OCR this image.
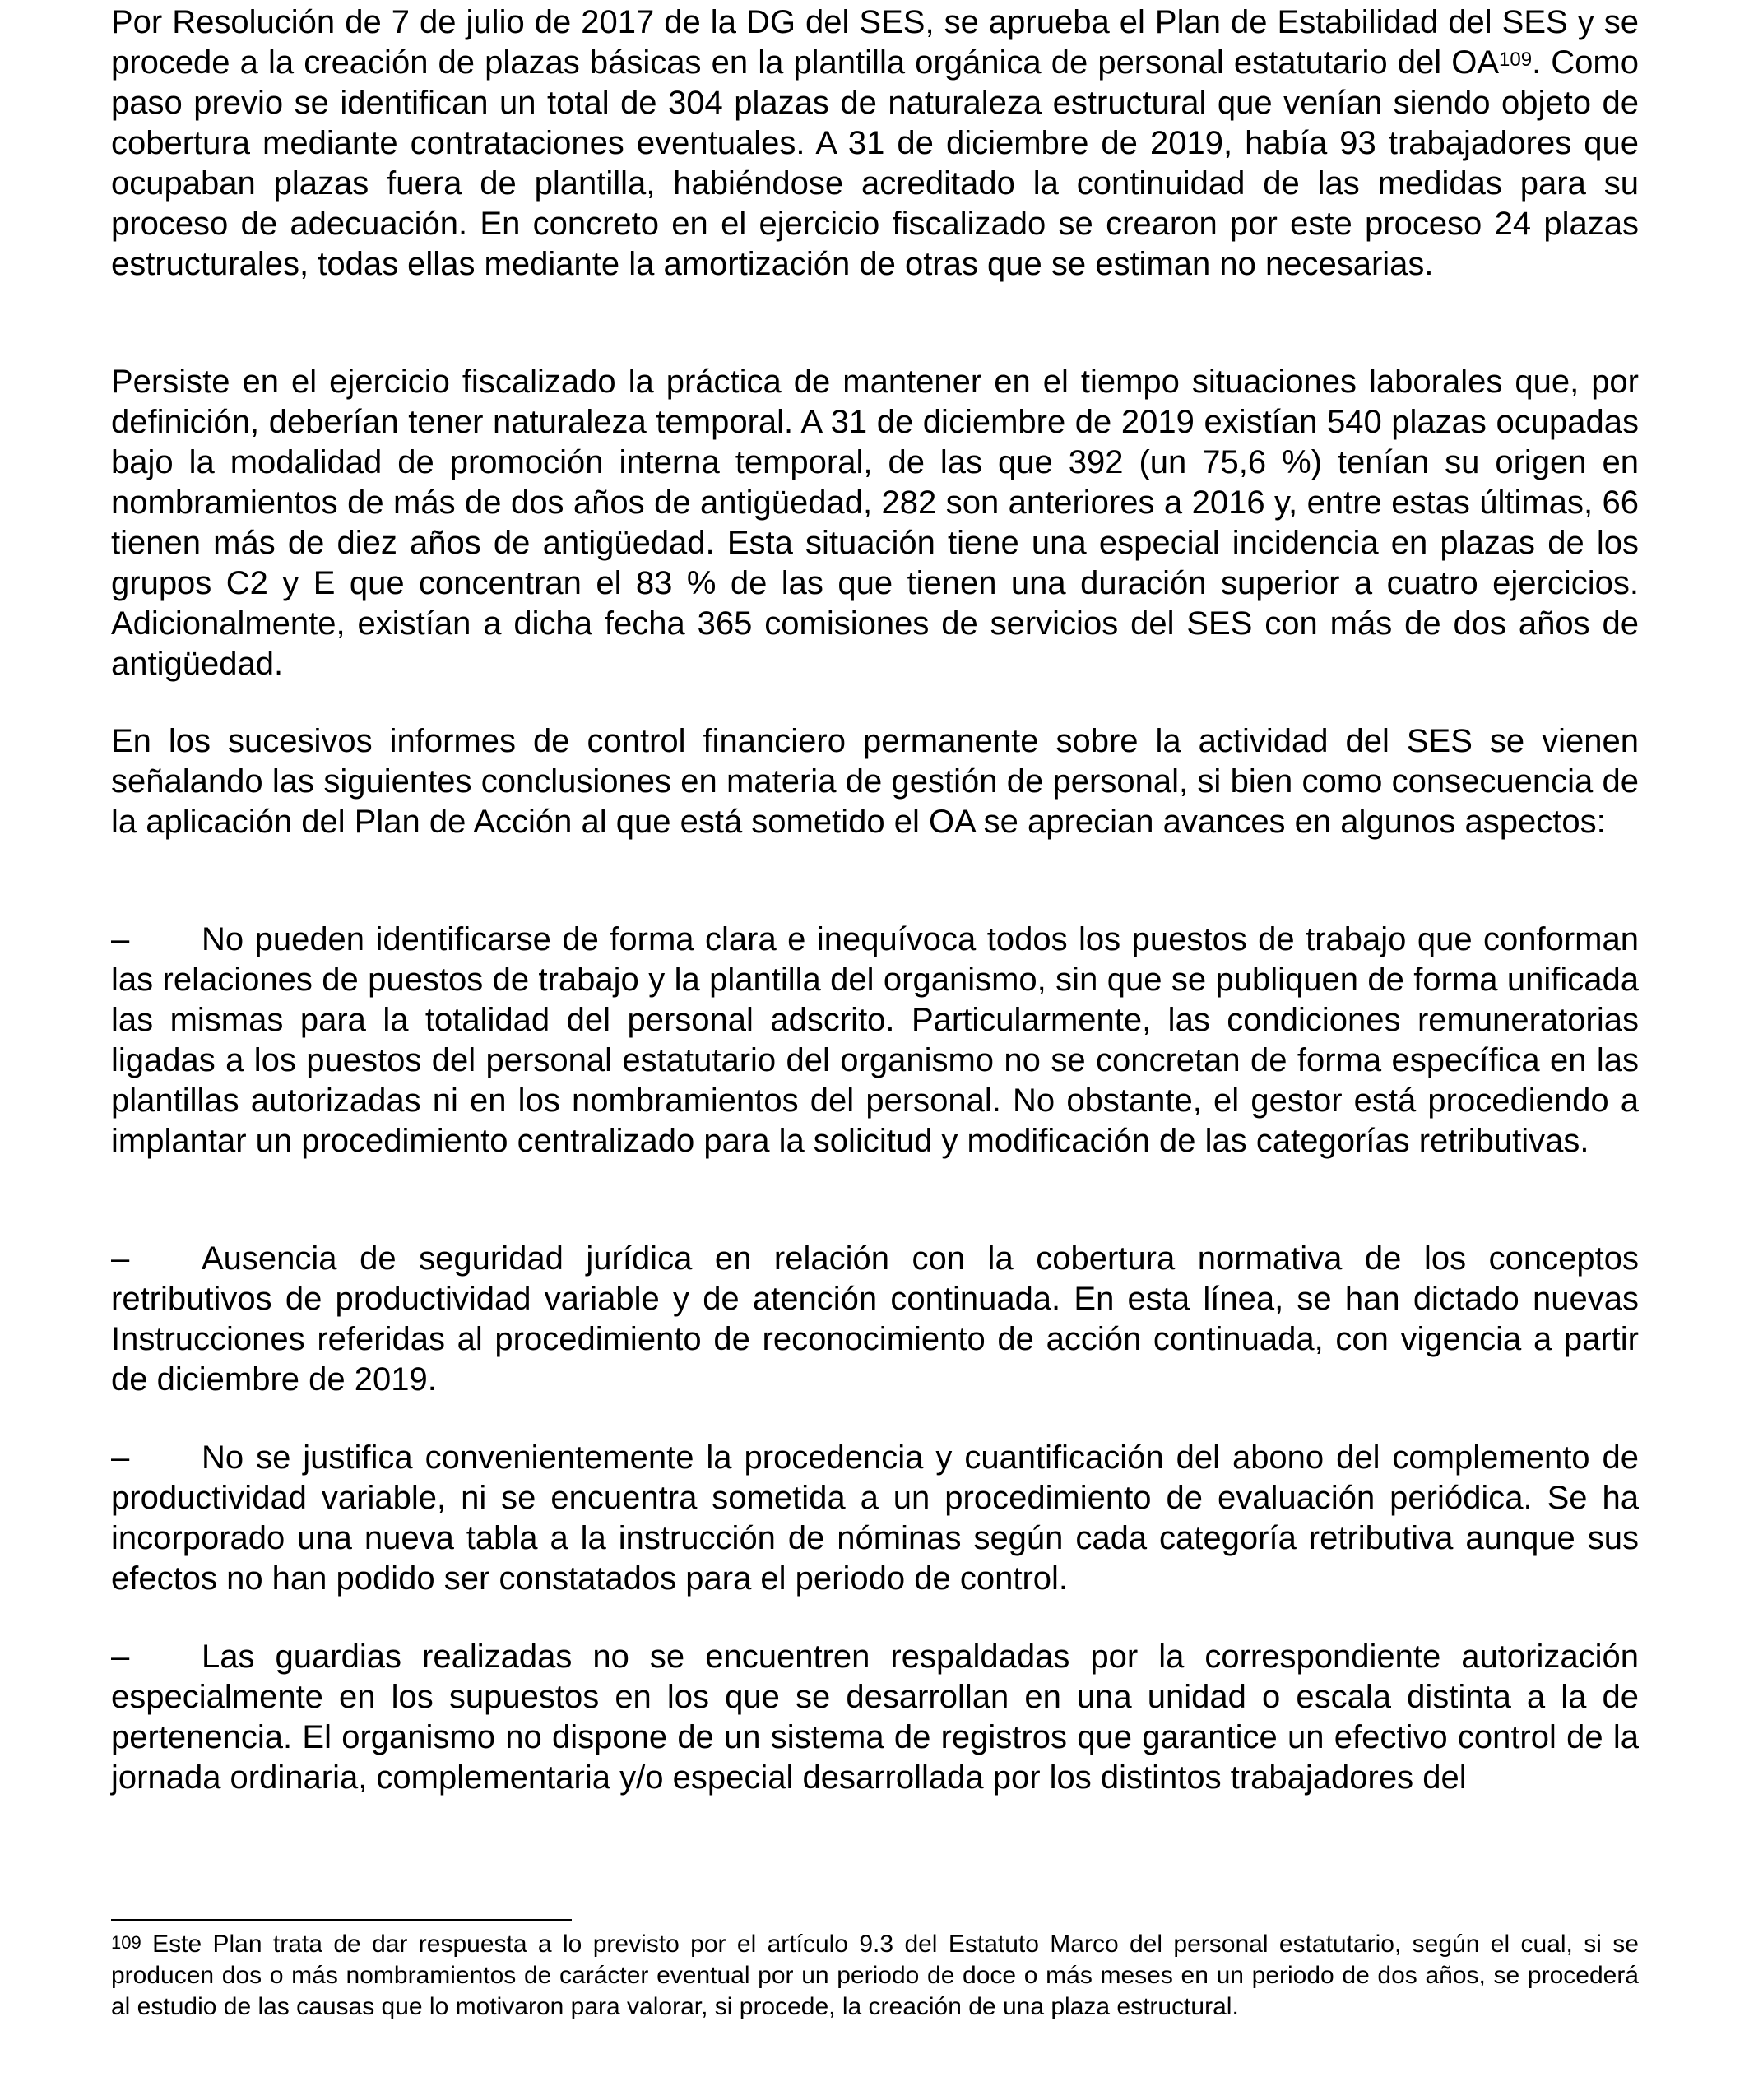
Por Resolución de 7 de julio de 2017 de la DG del SES, se aprueba el Plan de Estabilidad del SES y se procede a la creación de plazas básicas en la plantilla orgánica de personal estatutario del OA$^{109}$. Como paso previo se identifican un total de 304 plazas de naturaleza estructural que venían siendo objeto de cobertura mediante contrataciones eventuales. A 31 de diciembre de 2019, había 93 trabajadores que ocupaban plazas fuera de plantilla, habiéndose acreditado la continuidad de las medidas para su proceso de adecuación. En concreto en el ejercicio fiscalizado se crearon por este proceso 24 plazas estructurales, todas ellas mediante la amortización de otras que se estiman no necesarias.

Persiste en el ejercicio fiscalizado la práctica de mantener en el tiempo situaciones laborales que, por definición, deberían tener naturaleza temporal. A 31 de diciembre de 2019 existían 540 plazas ocupadas bajo la modalidad de promoción interna temporal, de las que 392 (un 75,6 %) tenían su origen en nombramientos de más de dos años de antigüedad, 282 son anteriores a 2016 y, entre estas últimas, 66 tienen más de diez años de antigüedad. Esta situación tiene una especial incidencia en plazas de los grupos C2 y E que concentran el 83 % de las que tienen una duración superior a cuatro ejercicios. Adicionalmente, existían a dicha fecha 365 comisiones de servicios del SES con más de dos años de antigüedad.

En los sucesivos informes de control financiero permanente sobre la actividad del SES se vienen señalando las siguientes conclusiones en materia de gestión de personal, si bien como consecuencia de la aplicación del Plan de Acción al que está sometido el OA se aprecian avances en algunos aspectos:

– No pueden identificarse de forma clara e inequívoca todos los puestos de trabajo que conforman las relaciones de puestos de trabajo y la plantilla del organismo, sin que se publiquen de forma unificada las mismas para la totalidad del personal adscrito. Particularmente, las condiciones remuneratorias ligadas a los puestos del personal estatutario del organismo no se concretan de forma específica en las plantillas autorizadas ni en los nombramientos del personal. No obstante, el gestor está procediendo a implantar un procedimiento centralizado para la solicitud y modificación de las categorías retributivas.

– Ausencia de seguridad jurídica en relación con la cobertura normativa de los conceptos retributivos de productividad variable y de atención continuada. En esta línea, se han dictado nuevas Instrucciones referidas al procedimiento de reconocimiento de acción continuada, con vigencia a partir de diciembre de 2019.

– No se justifica convenientemente la procedencia y cuantificación del abono del complemento de productividad variable, ni se encuentra sometida a un procedimiento de evaluación periódica. Se ha incorporado una nueva tabla a la instrucción de nóminas según cada categoría retributiva aunque sus efectos no han podido ser constatados para el periodo de control.

– Las guardias realizadas no se encuentren respaldadas por la correspondiente autorización especialmente en los supuestos en los que se desarrollan en una unidad o escala distinta a la de pertenencia. El organismo no dispone de un sistema de registros que garantice un efectivo control de la jornada ordinaria, complementaria y/o especial desarrollada por los distintos trabajadores del

$^{109}$ Este Plan trata de dar respuesta a lo previsto por el artículo 9.3 del Estatuto Marco del personal estatutario, según el cual, si se producen dos o más nombramientos de carácter eventual por un periodo de doce o más meses en un periodo de dos años, se procederá al estudio de las causas que lo motivaron para valorar, si procede, la creación de una plaza estructural.
